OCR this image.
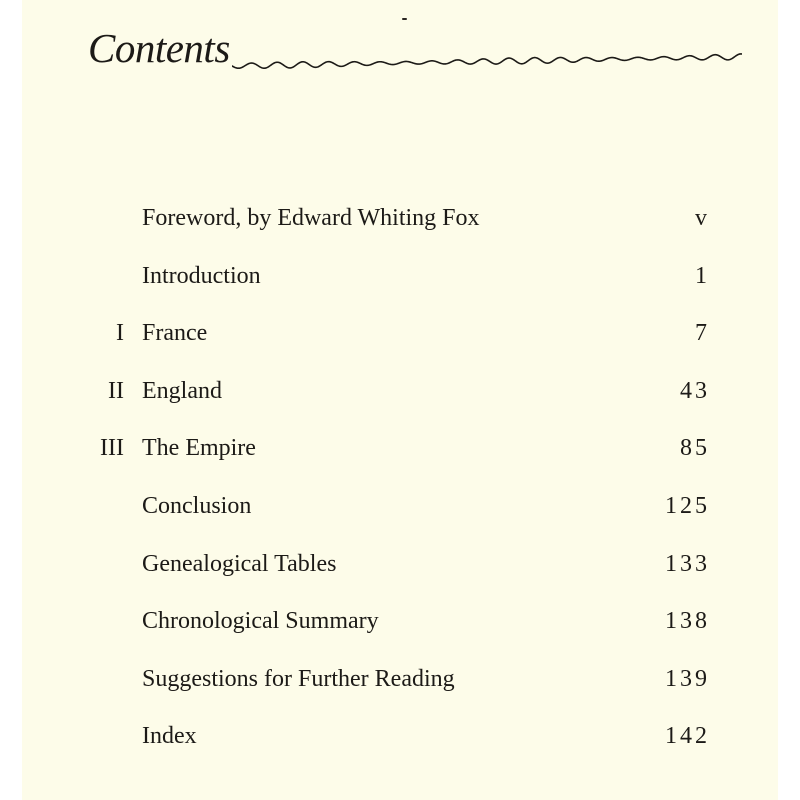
Contents
Foreword, by Edward Whiting Fox	v
Introduction	1
I France	7
II England	43
III The Empire	85
Conclusion	125
Genealogical Tables	133
Chronological Summary	138
Suggestions for Further Reading	139
Index	142
